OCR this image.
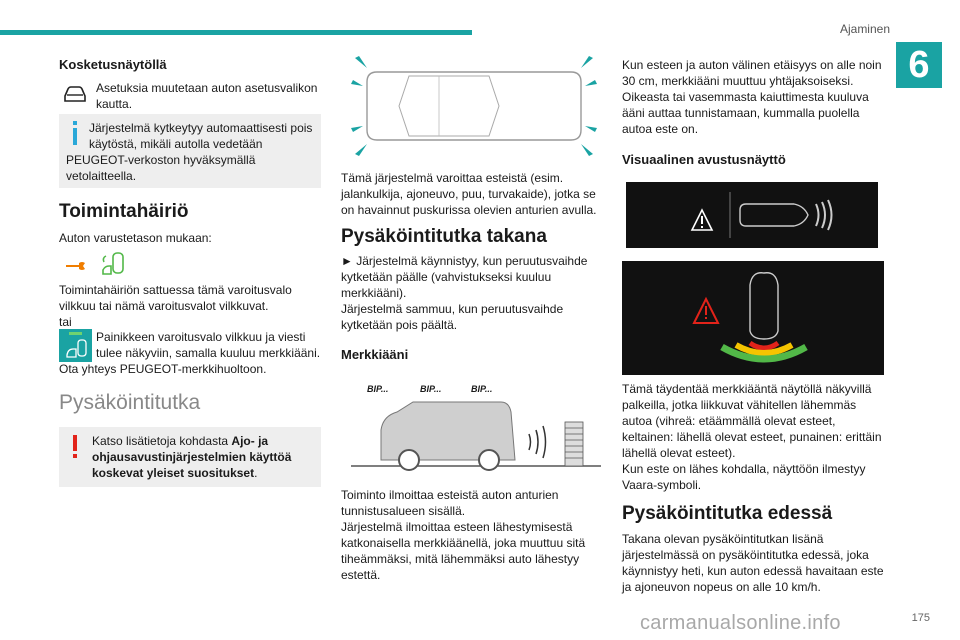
Ajaminen
6
Kosketusnäytöllä
Asetuksia muutetaan auton asetusvalikon kautta.
Järjestelmä kytkeytyy automaattisesti pois käytöstä, mikäli autolla vedetään
PEUGEOT-verkoston hyväksymällä vetolaitteella.
Toimintahäiriö
Auton varustetason mukaan:
Toimintahäiriön sattuessa tämä varoitusvalo vilkkuu tai nämä varoitusvalot vilkkuvat.
tai
Painikkeen varoitusvalo vilkkuu ja viesti tulee näkyviin, samalla kuuluu merkkiääni.
Ota yhteys PEUGEOT-merkkihuoltoon.
Pysäköintitutka
Katso lisätietoja kohdasta Ajo- ja
ohjausavustinjärjestelmien käyttöä koskevat yleiset suositukset.
Tämä järjestelmä varoittaa esteistä (esim. jalankulkija, ajoneuvo, puu, turvakaide), jotka se on havainnut puskurissa olevien anturien avulla.
Pysäköintitutka takana
► Järjestelmä käynnistyy, kun peruutusvaihde kytketään päälle (vahvistukseksi kuuluu merkkiääni).
Järjestelmä sammuu, kun peruutusvaihde kytketään pois päältä.
Merkkiääni
BIP...	BIP...	BIP...
Toiminto ilmoittaa esteistä auton anturien tunnistusalueen sisällä.
Järjestelmä ilmoittaa esteen lähestymisestä katkonaisella merkkiäänellä, joka muuttuu sitä tiheämmäksi, mitä lähemmäksi auto lähestyy estettä.
Kun esteen ja auton välinen etäisyys on alle noin 30 cm, merkkiääni muuttuu yhtäjaksoiseksi. Oikeasta tai vasemmasta kaiuttimesta kuuluva ääni auttaa tunnistamaan, kummalla puolella autoa este on.
Visuaalinen avustusnäyttö
Tämä täydentää merkkiääntä näytöllä näkyvillä palkeilla, jotka liikkuvat vähitellen lähemmäs autoa (vihreä: etäämmällä olevat esteet, keltainen: lähellä olevat esteet, punainen: erittäin lähellä olevat esteet).
Kun este on lähes kohdalla, näyttöön ilmestyy Vaara-symboli.
Pysäköintitutka edessä
Takana olevan pysäköintitutkan lisänä järjestelmässä on pysäköintitutka edessä, joka käynnistyy heti, kun auton edessä havaitaan este ja ajoneuvon nopeus on alle 10 km/h.
carmanualsonline.info	175
